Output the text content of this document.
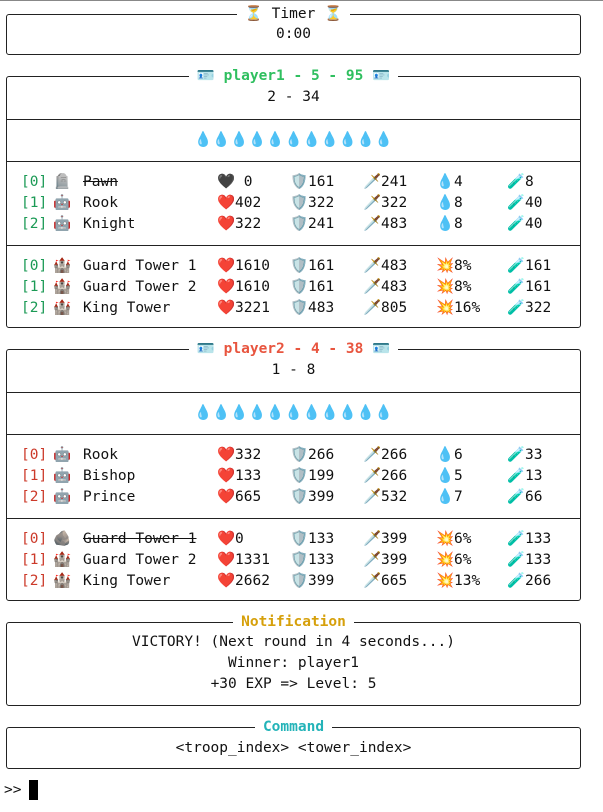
⏳ Timer ⏳
0:00
🪪 player1 - 5 - 95 🪪
2 - 34
💧💧💧💧💧💧💧💧💧💧💧
[0] 🪦 Pawn	🖤 0	🛡️161 🗡️241 💧4	🧪8
[1] 🤖 Rook	❤️402 🛡️322 🗡️322 💧8	🧪40
[2] 🤖 Knight	❤️322 🛡️241 🗡️483 💧8	🧪40
[0] 🏰 Guard Tower 1 ❤️1610 🛡️161 🗡️483 💥8% 🧪161
[1] 🏰 Guard Tower 2 ❤️1610 🛡️161 🗡️483 💥8% 🧪161
[2] 🏰 King Tower	❤️3221 🛡️483 🗡️805 💥16% 🧪322
🪪 player2 - 4 - 38 🪪
1 - 8
💧💧💧💧💧💧💧💧💧💧💧
[0] 🤖 Rook	❤️332 🛡️266 🗡️266 💧6	🧪33
[1] 🤖 Bishop	❤️133 🛡️199 🗡️266 💧5	🧪13
[2] 🤖 Prince	❤️665 🛡️399 🗡️532 💧7	🧪66
[0] 🪨 Guard Tower 1 ❤️0	🛡️133 🗡️399 💥6% 🧪133
[1] 🏰 Guard Tower 2 ❤️1331 🛡️133 🗡️399 💥6% 🧪133
[2] 🏰 King Tower	❤️2662 🛡️399 🗡️665 💥13% 🧪266
Notification
VICTORY! (Next round in 4 seconds...)
Winner: player1
+30 EXP => Level: 5
Command
<troop_index> <tower_index>
>>
